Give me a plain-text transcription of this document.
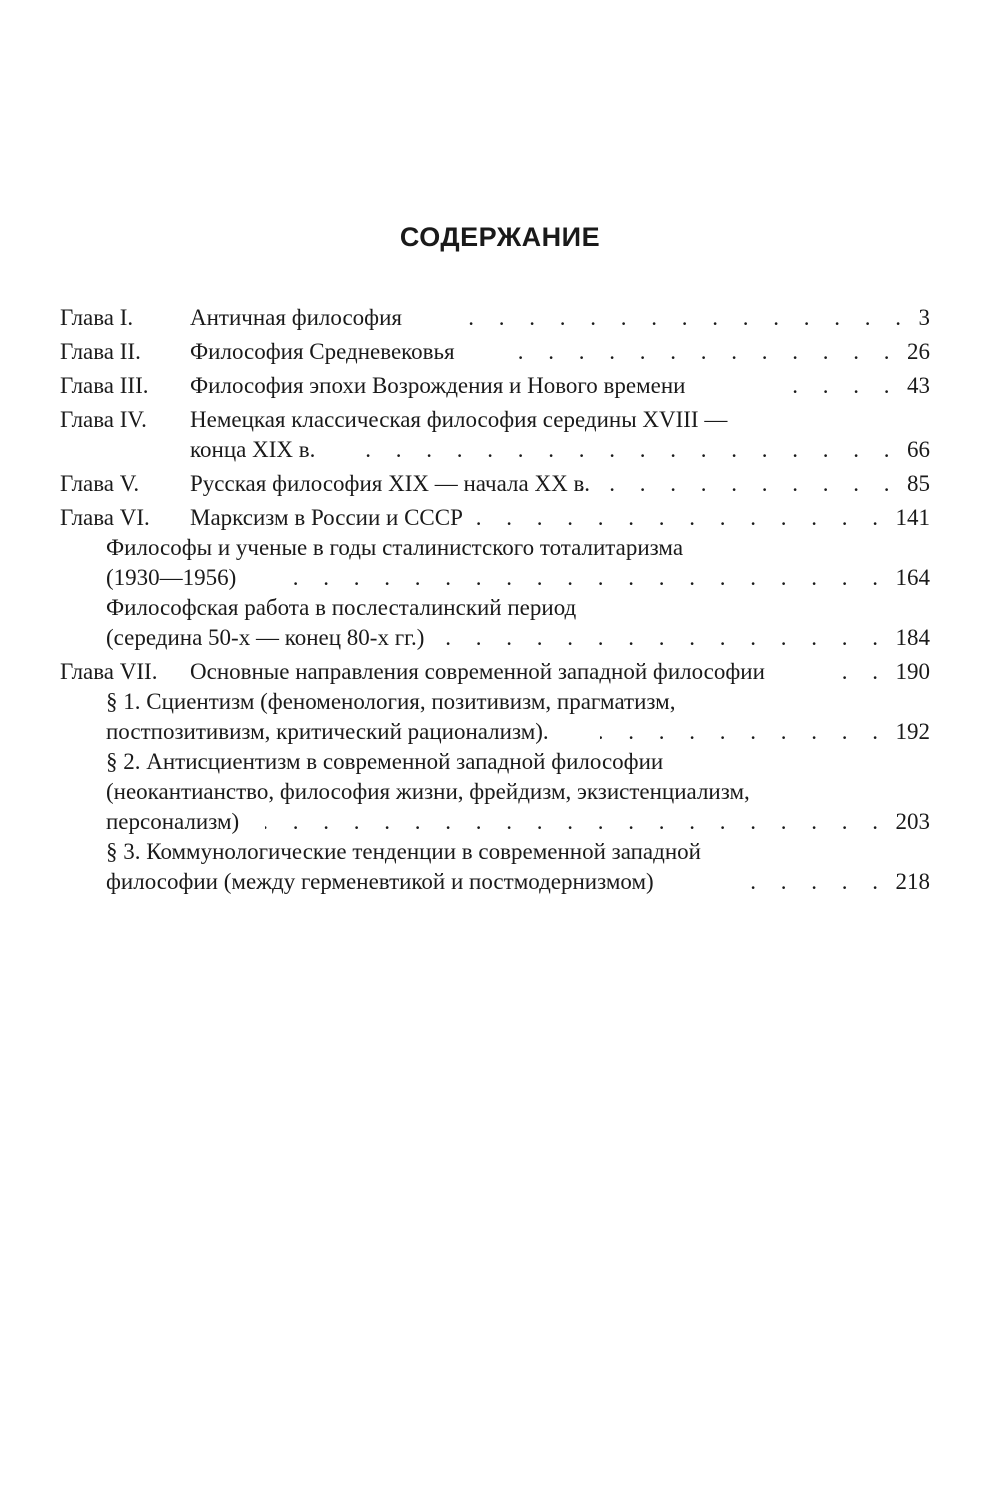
СОДЕРЖАНИЕ
Глава I. Античная философия . . .	3
Глава II. Философия Средневековья . . .	26
Глава III. Философия эпохи Возрождения и Нового времени . . .	43
Глава IV. Немецкая классическая философия середины XVIII —
конца XIX в. . . .	66
Глава V. Русская философия XIX — начала XX в. . . .	85
Глава VI. Марксизм в России и СССР . . .	141
Философы и ученые в годы сталинистского тоталитаризма
(1930—1956) . . .	164
Философская работа в послесталинский период
(середина 50-х — конец 80-х гг.) . . .	184
Глава VII. Основные направления современной западной философии . . .	190
§ 1. Сциентизм (феноменология, позитивизм, прагматизм,
постпозитивизм, критический рационализм). . . .	192
§ 2. Антисциентизм в современной западной философии
(неокантианство, философия жизни, фрейдизм, экзистенциализм,
персонализм) . . .	203
§ 3. Коммунологические тенденции в современной западной
философии (между герменевтикой и постмодернизмом) . . .	218
